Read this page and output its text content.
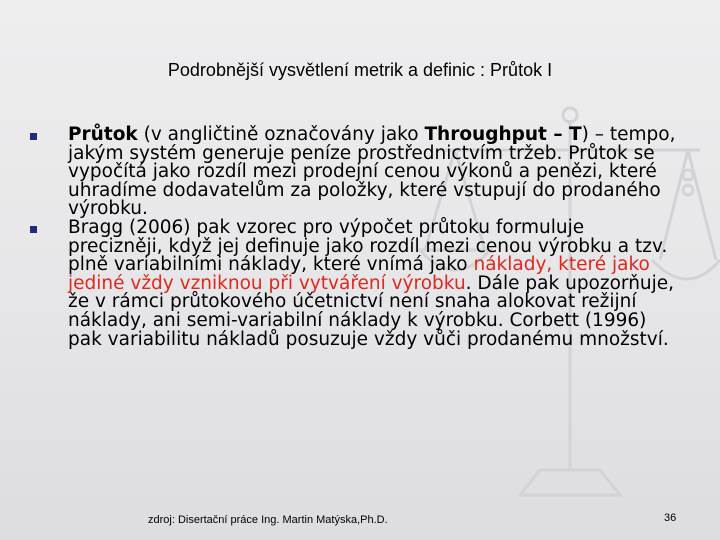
Podrobnější vysvětlení metrik a definic : Průtok I
Průtok (v angličtině označovány jako Throughput – T) – tempo, jakým systém generuje peníze prostřednictvím tržeb. Průtok se vypočítá jako rozdíl mezi prodejní cenou výkonů a penězi, které uhradíme dodavatelům za položky, které vstupují do prodaného výrobku.
Bragg (2006) pak vzorec pro výpočet průtoku formuluje precizněji, když jej definuje jako rozdíl mezi cenou výrobku a tzv. plně variabilními náklady, které vnímá jako náklady, které jako jediné vždy vzniknou při vytváření výrobku. Dále pak upozorňuje, že v rámci průtokového účetnictví není snaha alokovat režijní náklady, ani semi-variabilní náklady k výrobku. Corbett (1996) pak variabilitu nákladů posuzuje vždy vůči prodanému množství.
zdroj: Disertační práce Ing. Martin Matýska,Ph.D.	36
